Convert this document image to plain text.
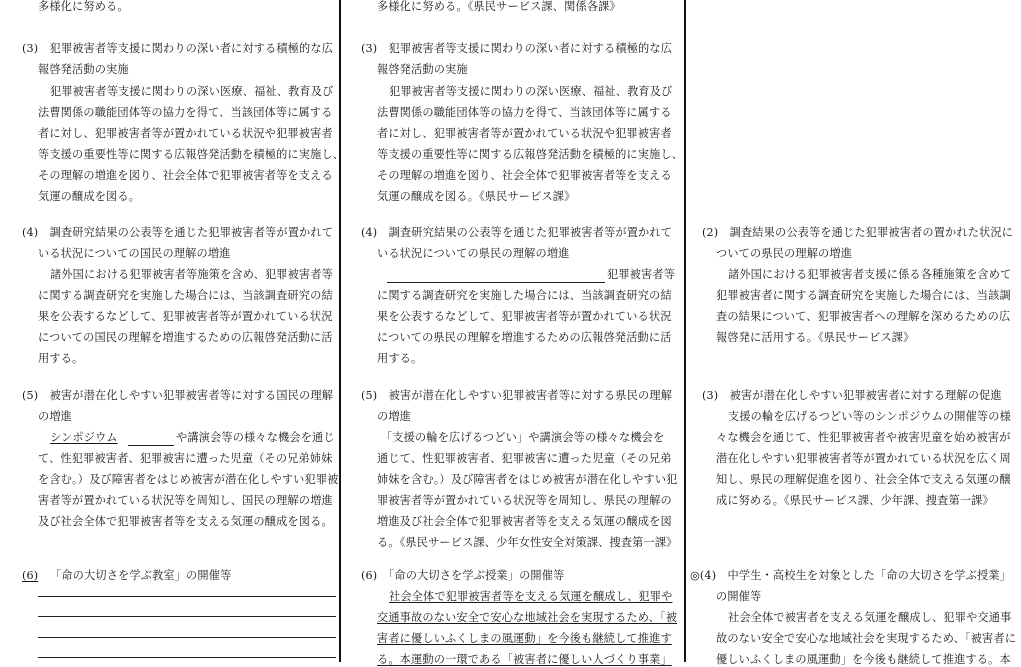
多様化に努める。
(3)　犯罪被害者等支援に関わりの深い者に対する積極的な広
報啓発活動の実施
犯罪被害者等支援に関わりの深い医療、福祉、教育及び
法曹関係の職能団体等の協力を得て、当該団体等に属する
者に対し、犯罪被害者等が置かれている状況や犯罪被害者
等支援の重要性等に関する広報啓発活動を積極的に実施し、
その理解の増進を図り、社会全体で犯罪被害者等を支える
気運の醸成を図る。
(4)　調査研究結果の公表等を通じた犯罪被害者等が置かれて
いる状況についての国民の理解の増進
諸外国における犯罪被害者等施策を含め、犯罪被害者等
に関する調査研究を実施した場合には、当該調査研究の結
果を公表するなどして、犯罪被害者等が置かれている状況
についての国民の理解を増進するための広報啓発活動に活
用する。
(5)　被害が潜在化しやすい犯罪被害者等に対する国民の理解
の増進
シンポジウム	や講演会等の様々な機会を通じ
て、性犯罪被害者、犯罪被害に遭った児童（その兄弟姉妹
を含む。）及び障害者をはじめ被害が潜在化しやすい犯罪被
害者等が置かれている状況等を周知し、国民の理解の増進
及び社会全体で犯罪被害者等を支える気運の醸成を図る。
(6) 「命の大切さを学ぶ教室」の開催等
多様化に努める。《県民サービス課、関係各課》
(3)　犯罪被害者等支援に関わりの深い者に対する積極的な広
報啓発活動の実施
犯罪被害者等支援に関わりの深い医療、福祉、教育及び
法曹関係の職能団体等の協力を得て、当該団体等に属する
者に対し、犯罪被害者等が置かれている状況や犯罪被害者
等支援の重要性等に関する広報啓発活動を積極的に実施し、
その理解の増進を図り、社会全体で犯罪被害者等を支える
気運の醸成を図る。《県民サービス課》
(4)　調査研究結果の公表等を通じた犯罪被害者等が置かれて
いる状況についての県民の理解の増進
犯罪被害者等
に関する調査研究を実施した場合には、当該調査研究の結
果を公表するなどして、犯罪被害者等が置かれている状況
についての県民の理解を増進するための広報啓発活動に活
用する。
(5)　被害が潜在化しやすい犯罪被害者等に対する県民の理解
の増進
「支援の輪を広げるつどい」や講演会等の様々な機会を
通じて、性犯罪被害者、犯罪被害に遭った児童（その兄弟
姉妹を含む。）及び障害者をはじめ被害が潜在化しやすい犯
罪被害者等が置かれている状況等を周知し、県民の理解の
増進及び社会全体で犯罪被害者等を支える気運の醸成を図
る。《県民サービス課、少年女性安全対策課、捜査第一課》
(6)　「命の大切さを学ぶ授業」の開催等
社会全体で犯罪被害者等を支える気運を醸成し、犯罪や
交通事故のない安全で安心な地域社会を実現するため、「被
害者に優しいふくしまの風運動」を今後も継続して推進す
る。本運動の一環である「被害者に優しい人づくり事業」
(2)　調査結果の公表等を通じた犯罪被害者の置かれた状況に
ついての県民の理解の増進
諸外国における犯罪被害者支援に係る各種施策を含めて
犯罪被害者に関する調査研究を実施した場合には、当該調
査の結果について、犯罪被害者への理解を深めるための広
報啓発に活用する。《県民サービス課》
(3)　被害が潜在化しやすい犯罪被害者に対する理解の促進
支援の輪を広げるつどい等のシンポジウムの開催等の様
々な機会を通じて、性犯罪被害者や被害児童を始め被害が
潜在化しやすい犯罪被害者等が置かれている状況を広く周
知し、県民の理解促進を図り、社会全体で支える気運の醸
成に努める。《県民サービス課、少年課、捜査第一課》
◎(4)　中学生・高校生を対象とした「命の大切さを学ぶ授業」
の開催等
社会全体で被害者を支える気運を醸成し、犯罪や交通事
故のない安全で安心な地域社会を実現するため、「被害者に
優しいふくしまの風運動」を今後も継続して推進する。本
